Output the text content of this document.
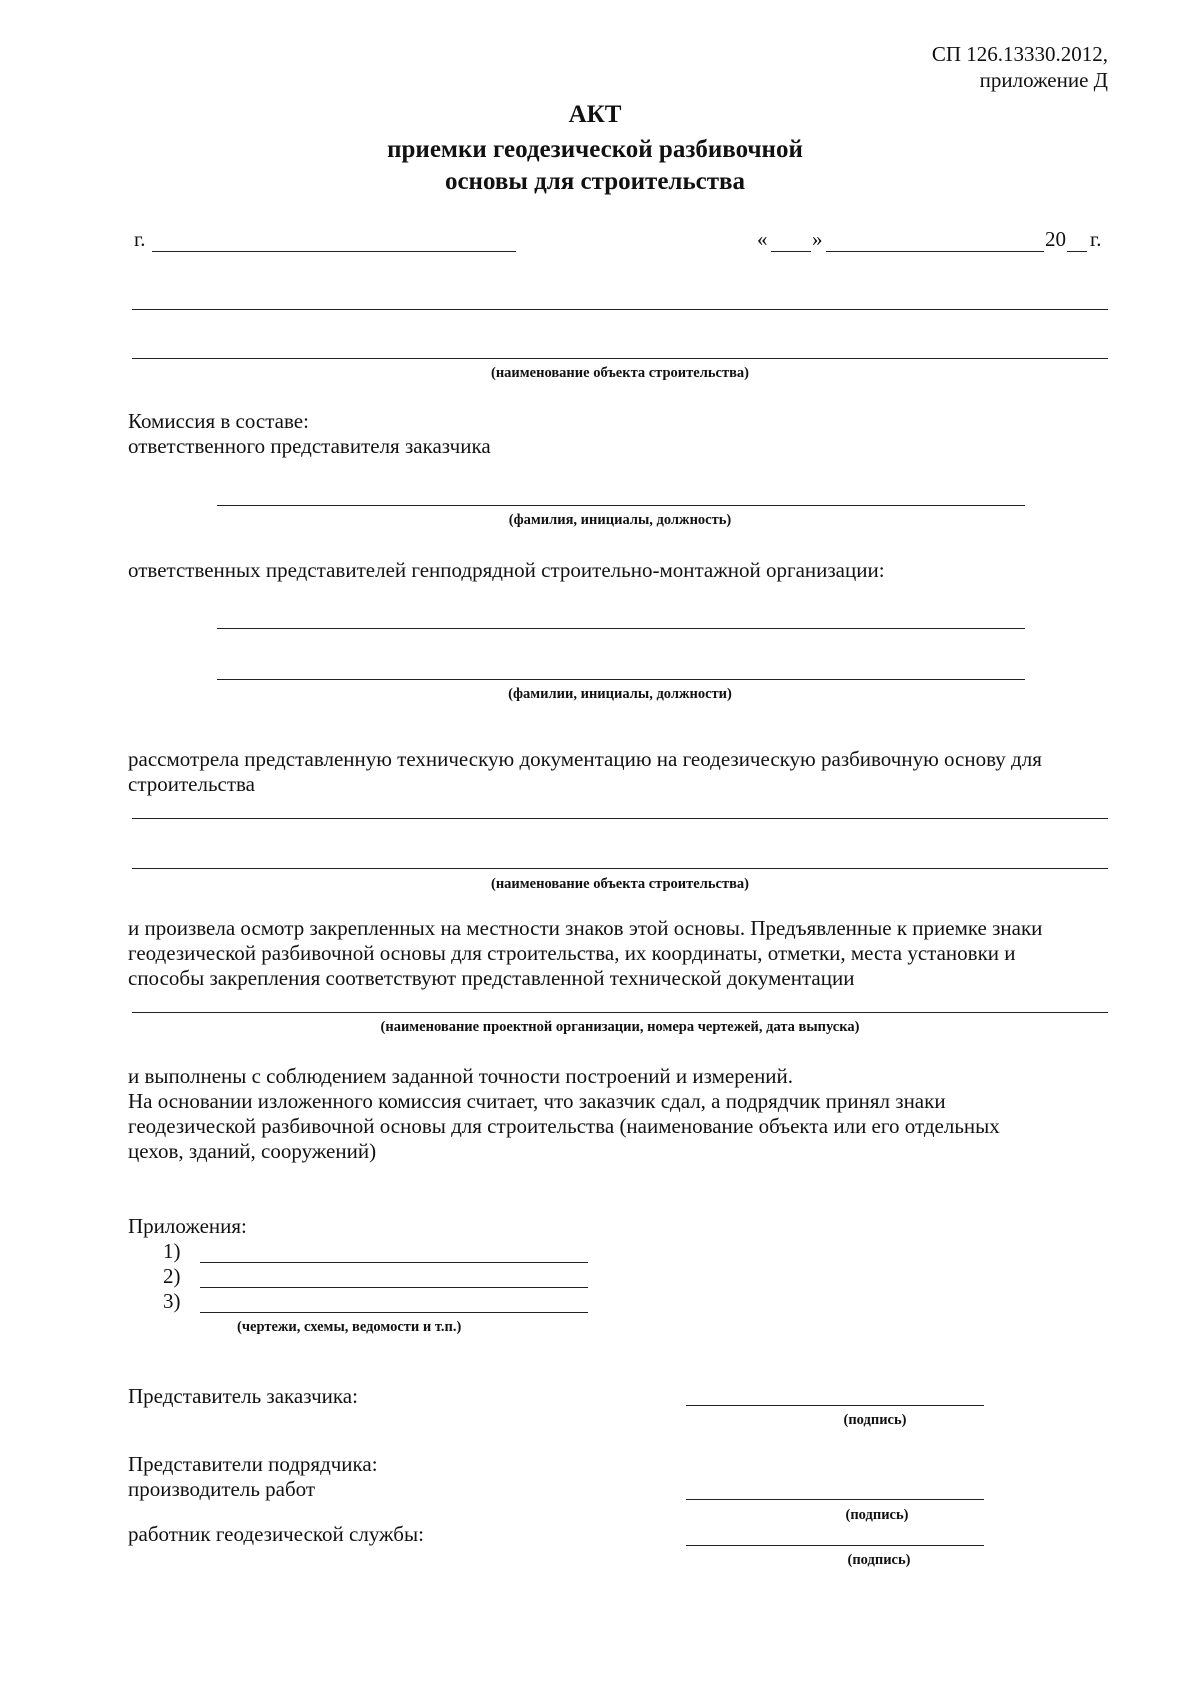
СП 126.13330.2012,
приложение Д
АКТ
приемки геодезической разбивочной
основы для строительства
г.	« »	20 г.
(наименование объекта строительства)
Комиссия в составе:
ответственного представителя заказчика
(фамилия, инициалы, должность)
ответственных представителей генподрядной строительно-монтажной организации:
(фамилии, инициалы, должности)
рассмотрела представленную техническую документацию на геодезическую разбивочную основу для
строительства
(наименование объекта строительства)
и произвела осмотр закрепленных на местности знаков этой основы. Предъявленные к приемке знаки
геодезической разбивочной основы для строительства, их координаты, отметки, места установки и
способы закрепления соответствуют представленной технической документации
(наименование проектной организации, номера чертежей, дата выпуска)
и выполнены с соблюдением заданной точности построений и измерений.
На основании изложенного комиссия считает, что заказчик сдал, а подрядчик принял знаки
геодезической разбивочной основы для строительства (наименование объекта или его отдельных
цехов, зданий, сооружений)
Приложения:
1)
2)
3)
(чертежи, схемы, ведомости и т.п.)
Представитель заказчика:
(подпись)
Представители подрядчика:
производитель работ
(подпись)
работник геодезической службы:
(подпись)
